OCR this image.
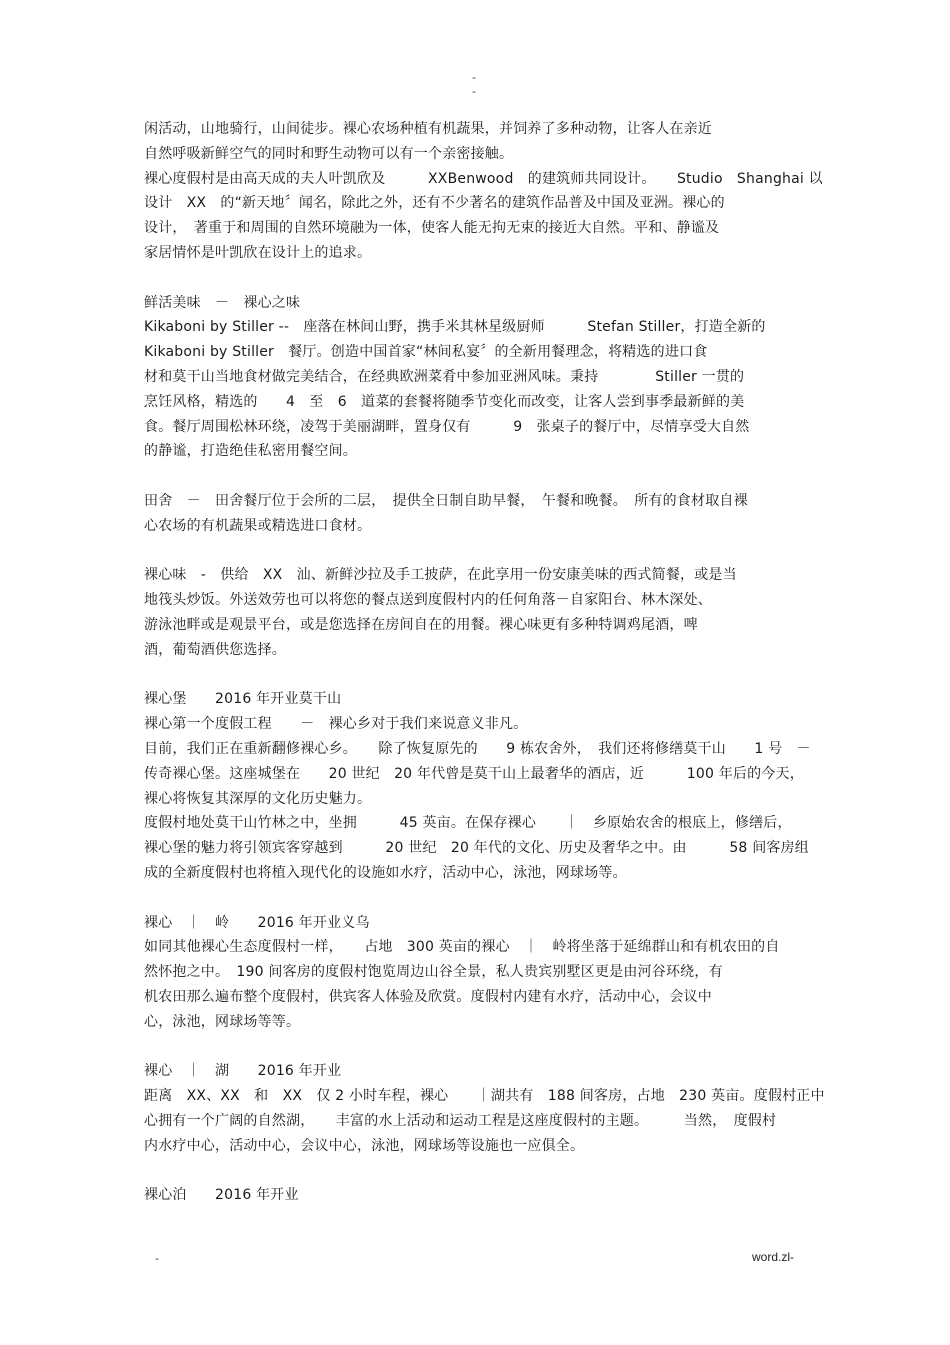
-
-
闲活动，山地骑行，山间徒步。裸心农场种植有机蔬果，并饲养了多种动物，让客人在亲近
自然呼吸新鲜空气的同时和野生动物可以有一个亲密接触。
裸心度假村是由高天成的夫人叶凯欣及　　　XXBenwood　的建筑师共同设计。　　Studio　Shanghai 以
设计　XX　的“新天地〞闻名，除此之外，还有不少著名的建筑作品普及中国及亚洲。裸心的
设计，　著重于和周围的自然环境融为一体，使客人能无拘无束的接近大自然。平和、静谧及
家居情怀是叶凯欣在设计上的追求。
鲜活美味　－　裸心之味
Kikaboni by Stiller --　座落在林间山野，携手米其林星级厨师　　　Stefan Stiller，打造全新的
Kikaboni by Stiller　餐厅。创造中国首家“林间私宴〞的全新用餐理念，将精选的进口食
材和莫干山当地食材做完美结合，在经典欧洲菜肴中参加亚洲风味。秉持　　　　Stiller 一贯的
烹饪风格，精选的　　4　至　6　道菜的套餐将随季节变化而改变，让客人尝到事季最新鲜的美
食。餐厅周围松林环绕，凌驾于美丽湖畔，置身仅有　　　9　张桌子的餐厅中，尽情享受大自然
的静谧，打造绝佳私密用餐空间。
田舍　－　田舍餐厅位于会所的二层，　提供全日制自助早餐，　午餐和晚餐。　所有的食材取自裸
心农场的有机蔬果或精选进口食材。
裸心味　-　供给　XX　汕、新鲜沙拉及手工披萨，在此享用一份安康美味的西式简餐，或是当
地筏头炒饭。外送效劳也可以将您的餐点送到度假村内的任何角落－自家阳台、林木深处、
游泳池畔或是观景平台，或是您选择在房间自在的用餐。裸心味更有多种特调鸡尾酒，啤
酒，葡萄酒供您选择。
裸心堡　　2016 年开业莫干山
裸心第一个度假工程　　－　裸心乡对于我们来说意义非凡。
目前，我们正在重新翻修裸心乡。　　除了恢复原先的　　9 栋农舍外，　我们还将修缮莫干山　　1 号　－
传奇裸心堡。这座城堡在　　20 世纪　20 年代曾是莫干山上最奢华的酒店，近　　　100 年后的今天，
裸心将恢复其深厚的文化历史魅力。
度假村地处莫干山竹林之中，坐拥　　　45 英亩。在保存裸心　　｜　乡原始农舍的根底上，修缮后，
裸心堡的魅力将引领宾客穿越到　　　20 世纪　20 年代的文化、历史及奢华之中。由　　　58 间客房组
成的全新度假村也将植入现代化的设施如水疗，活动中心，泳池，网球场等。
裸心　｜　岭　　2016 年开业义乌
如同其他裸心生态度假村一样，　　占地　300 英亩的裸心　｜　岭将坐落于延绵群山和有机农田的自
然怀抱之中。　190 间客房的度假村饱览周边山谷全景，私人贵宾别墅区更是由河谷环绕，有
机农田那么遍布整个度假村，供宾客人体验及欣赏。度假村内建有水疗，活动中心，会议中
心，泳池，网球场等等。
裸心　｜　湖　　2016 年开业
距离　XX、XX　和　XX　仅 2 小时车程，裸心　　｜湖共有　188 间客房，占地　230 英亩。度假村正中
心拥有一个广阔的自然湖，　　丰富的水上活动和运动工程是这座度假村的主题。　　　当然，　度假村
内水疗中心，活动中心，会议中心，泳池，网球场等设施也一应俱全。
裸心泊　　2016 年开业
-	word.zl-
